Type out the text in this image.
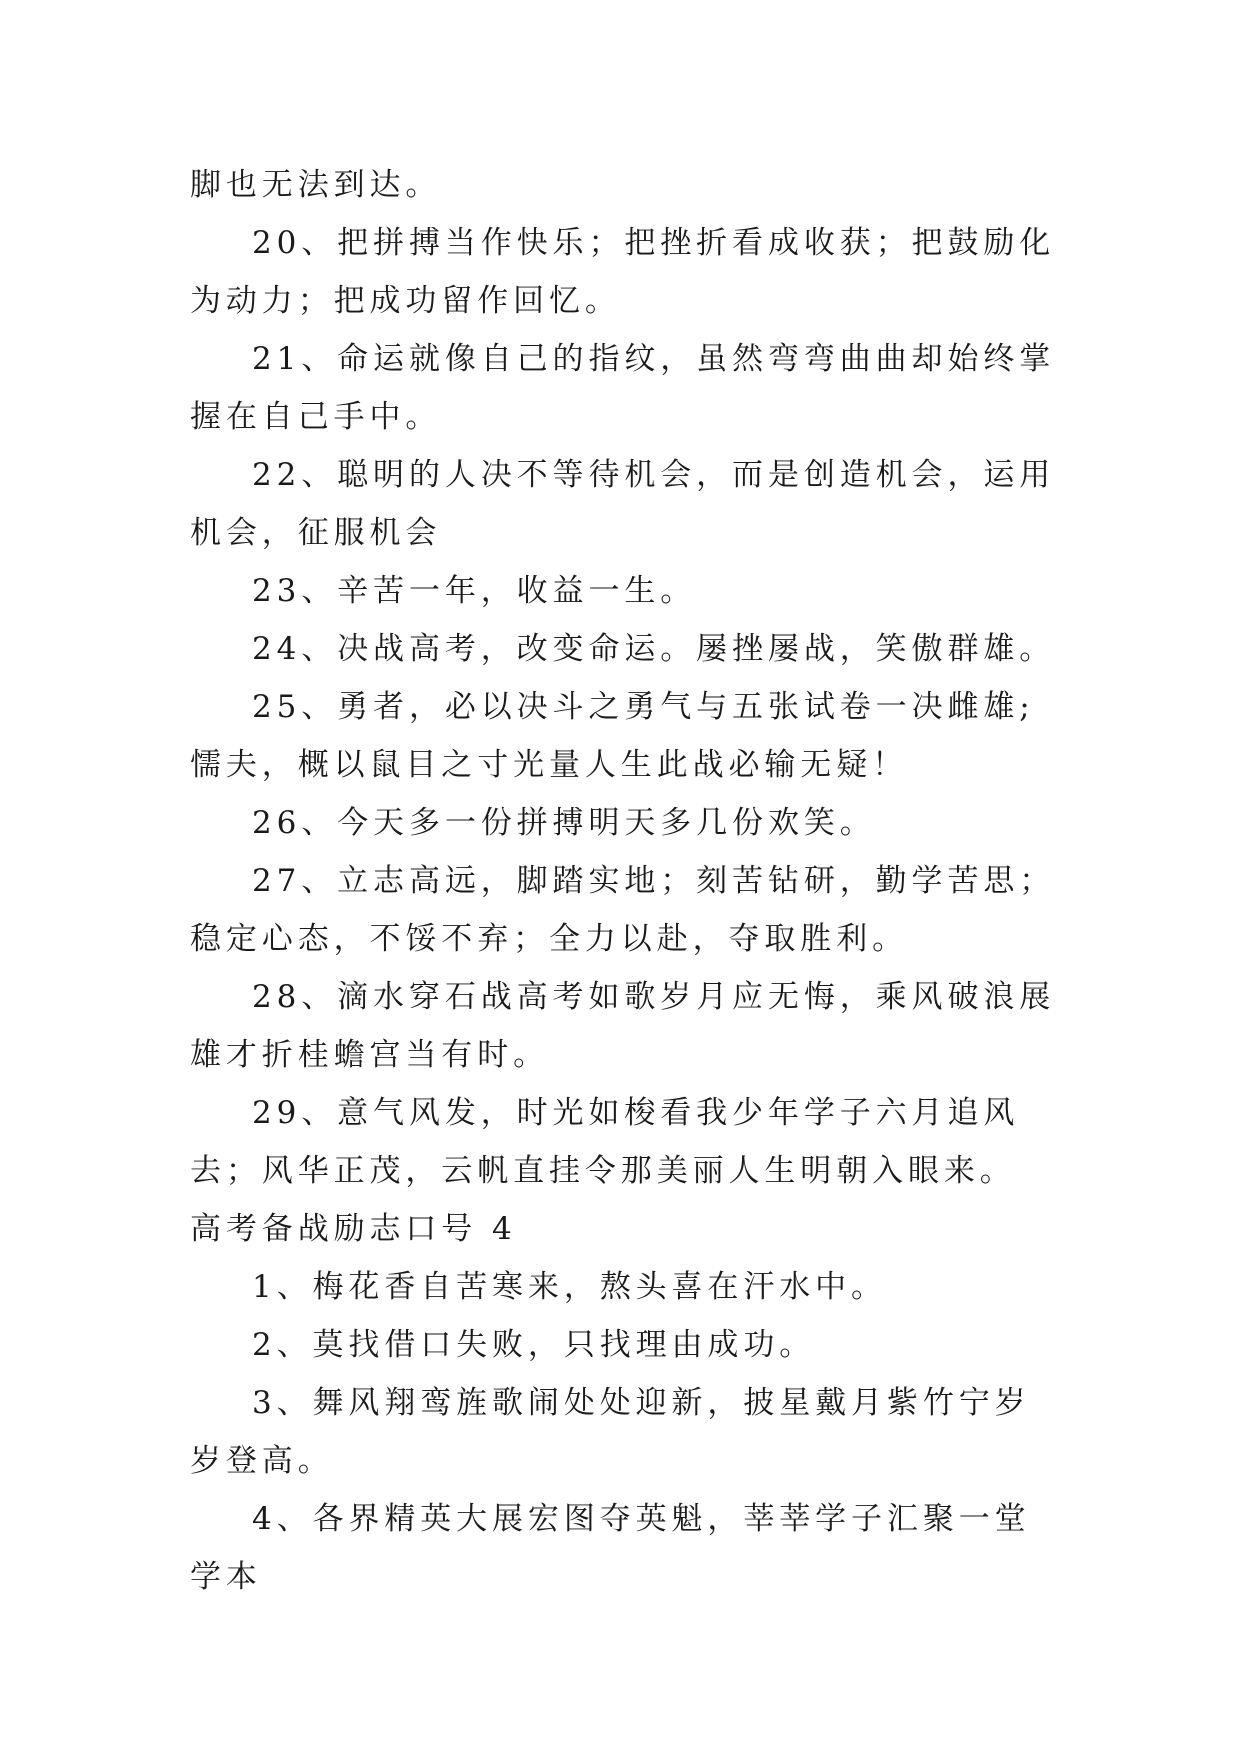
脚也无法到达。

20、把拼搏当作快乐；把挫折看成收获；把鼓励化为动力；把成功留作回忆。

21、命运就像自己的指纹，虽然弯弯曲曲却始终掌握在自己手中。

22、聪明的人决不等待机会，而是创造机会，运用机会，征服机会

23、辛苦一年，收益一生。

24、决战高考，改变命运。屡挫屡战，笑傲群雄。

25、勇者，必以决斗之勇气与五张试卷一决雌雄;懦夫，概以鼠目之寸光量人生此战必输无疑！

26、今天多一份拼搏明天多几份欢笑。

27、立志高远，脚踏实地；刻苦钻研，勤学苦思；稳定心态，不馁不弃；全力以赴，夺取胜利。

28、滴水穿石战高考如歌岁月应无悔，乘风破浪展雄才折桂蟾宫当有时。

29、意气风发，时光如梭看我少年学子六月追风去；风华正茂，云帆直挂令那美丽人生明朝入眼来。

高考备战励志口号 4

1、梅花香自苦寒来，熬头喜在汗水中。

2、莫找借口失败，只找理由成功。

3、舞风翔鸾旌歌闹处处迎新，披星戴月紫竹宁岁岁登高。

4、各界精英大展宏图夺英魁，莘莘学子汇聚一堂学本
